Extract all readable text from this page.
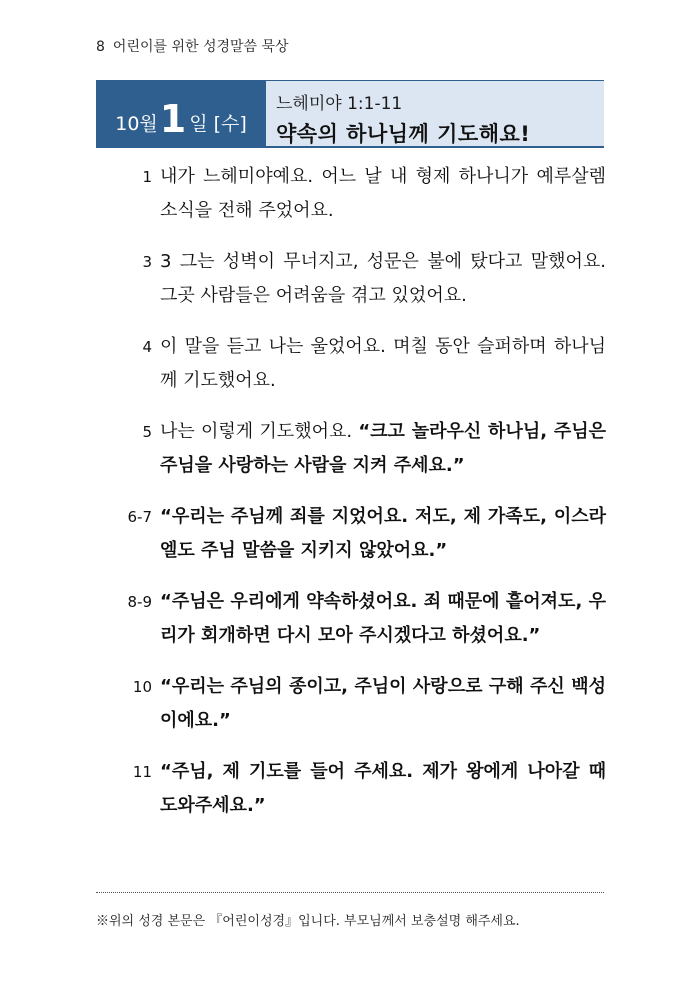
8 어린이를 위한 성경말씀 묵상
10월 1 일 [수]
느헤미야 1:1-11
약속의 하나님께 기도해요!
1 내가 느헤미야예요. 어느 날 내 형제 하나니가 예루살렘 소식을 전해 주었어요.
3 3 그는 성벽이 무너지고, 성문은 불에 탔다고 말했어요. 그곳 사람들은 어려움을 겪고 있었어요.
4 이 말을 듣고 나는 울었어요. 며칠 동안 슬퍼하며 하나님께 기도했어요.
5 나는 이렇게 기도했어요. “크고 놀라우신 하나님, 주님은 주님을 사랑하는 사람을 지켜 주세요.”
6-7 “우리는 주님께 죄를 지었어요. 저도, 제 가족도, 이스라엘도 주님 말씀을 지키지 않았어요.”
8-9 “주님은 우리에게 약속하셨어요. 죄 때문에 흩어져도, 우리가 회개하면 다시 모아 주시겠다고 하셨어요.”
10 “우리는 주님의 종이고, 주님이 사랑으로 구해 주신 백성이에요.”
11 “주님, 제 기도를 들어 주세요. 제가 왕에게 나아갈 때 도와주세요.”
※위의 성경 본문은 『어린이성경』입니다. 부모님께서 보충설명 해주세요.
